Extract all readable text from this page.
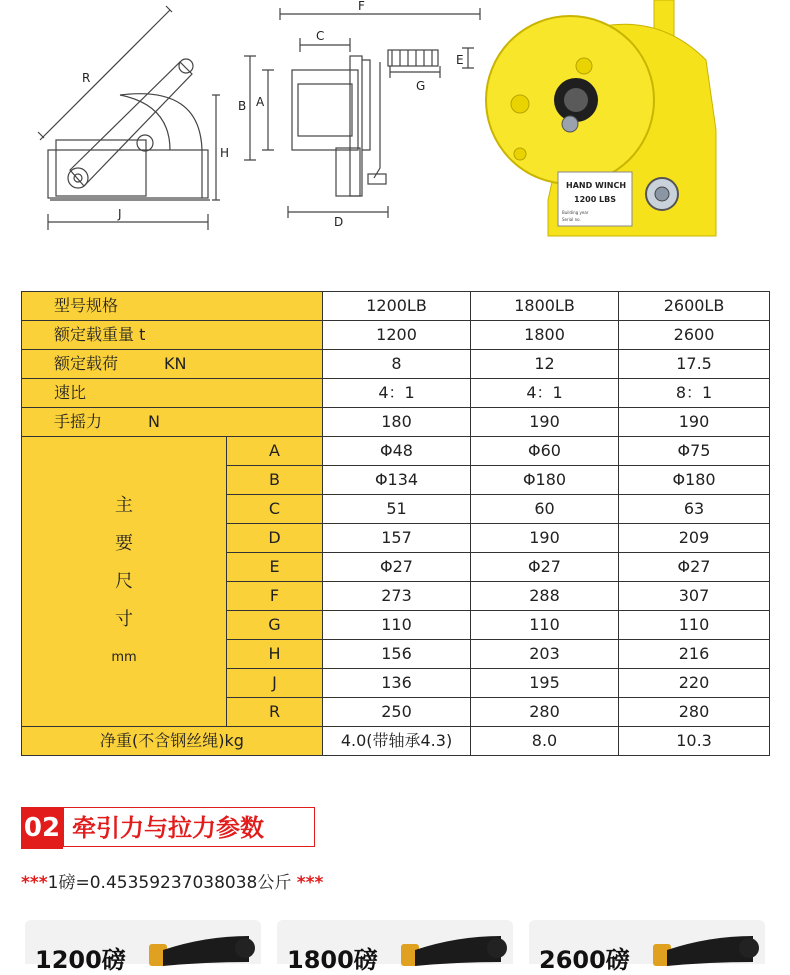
R
H
J
F
C
E
B A
G
D
HAND WINCH
1200 LBS
Building year
Serial no.
型号规格		1200LB	1800LB	2600LB
额定载重量 t		1200	1800	2600
额定载荷 KN		8	12	17.5
速比		4：1	4：1	8：1
手摇力 N		180	190	190

主
要
尺
寸
mm	A	Φ48	Φ60	Φ75
	B	Φ134	Φ180	Φ180
	C	51	60	63
	D	157	190	209
	E	Φ27	Φ27	Φ27
	F	273	288	307
	G	110	110	110
	H	156	203	216
	J	136	195	220
	R	250	280	280
净重(不含钢丝绳)kg		4.0(带轴承4.3)	8.0	10.3
02 牵引力与拉力参数
***1磅=0.45359237038038公斤 ***
1200磅	1800磅	2600磅
